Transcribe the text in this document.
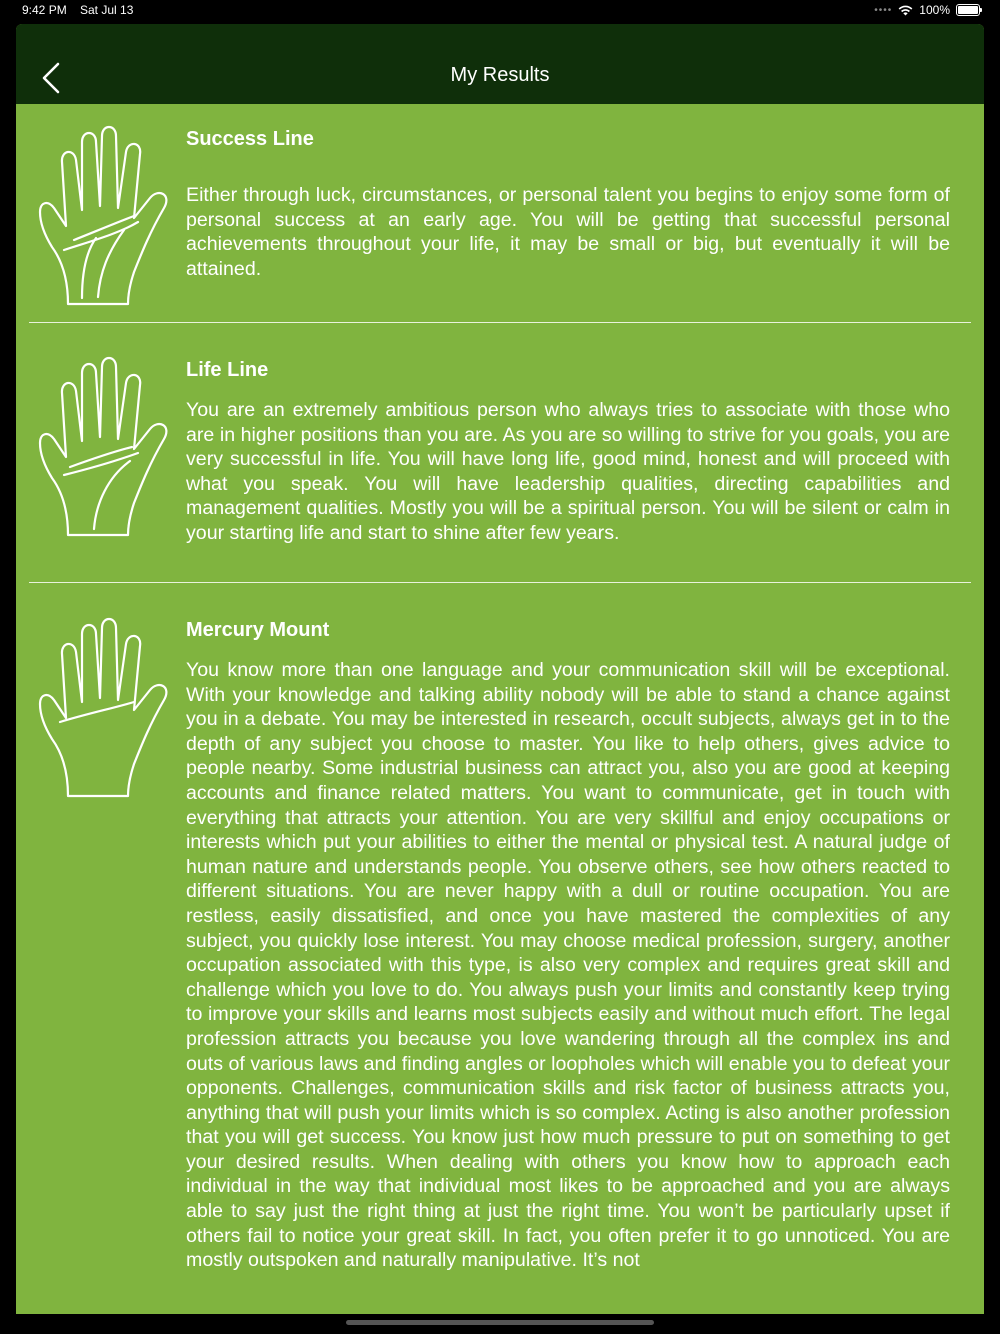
9:42 PM Sat Jul 13	•••• 100%
My Results
Success Line

Either through luck, circumstances, or personal talent you begins to enjoy some form of personal success at an early age. You will be getting that successful personal achievements throughout your life, it may be small or big, but eventually it will be attained.

Life Line

You are an extremely ambitious person who always tries to associate with those who are in higher positions than you are. As you are so willing to strive for you goals, you are very successful in life. You will have long life, good mind, honest and will proceed with what you speak. You will have leadership qualities, directing capabilities and management qualities. Mostly you will be a spiritual person. You will be silent or calm in your starting life and start to shine after few years.

Mercury Mount

You know more than one language and your communication skill will be exceptional. With your knowledge and talking ability nobody will be able to stand a chance against you in a debate. You may be interested in research, occult subjects, always get in to the depth of any subject you choose to master. You like to help others, gives advice to people nearby. Some industrial business can attract you, also you are good at keeping accounts and finance related matters. You want to communicate, get in touch with everything that attracts your attention. You are very skillful and enjoy occupations or interests which put your abilities to either the mental or physical test. A natural judge of human nature and understands people. You observe others, see how others reacted to different situations. You are never happy with a dull or routine occupation. You are restless, easily dissatisfied, and once you have mastered the complexities of any subject, you quickly lose interest. You may choose medical profession, surgery, another occupation associated with this type, is also very complex and requires great skill and challenge which you love to do. You always push your limits and constantly keep trying to improve your skills and learns most subjects easily and without much effort. The legal profession attracts you because you love wandering through all the complex ins and outs of various laws and finding angles or loopholes which will enable you to defeat your opponents. Challenges, communication skills and risk factor of business attracts you, anything that will push your limits which is so complex. Acting is also another profession that you will get success. You know just how much pressure to put on something to get your desired results. When dealing with others you know how to approach each individual in the way that individual most likes to be approached and you are always able to say just the right thing at just the right time. You won’t be particularly upset if others fail to notice your great skill. In fact, you often prefer it to go unnoticed. You are mostly outspoken and naturally manipulative. It’s not
